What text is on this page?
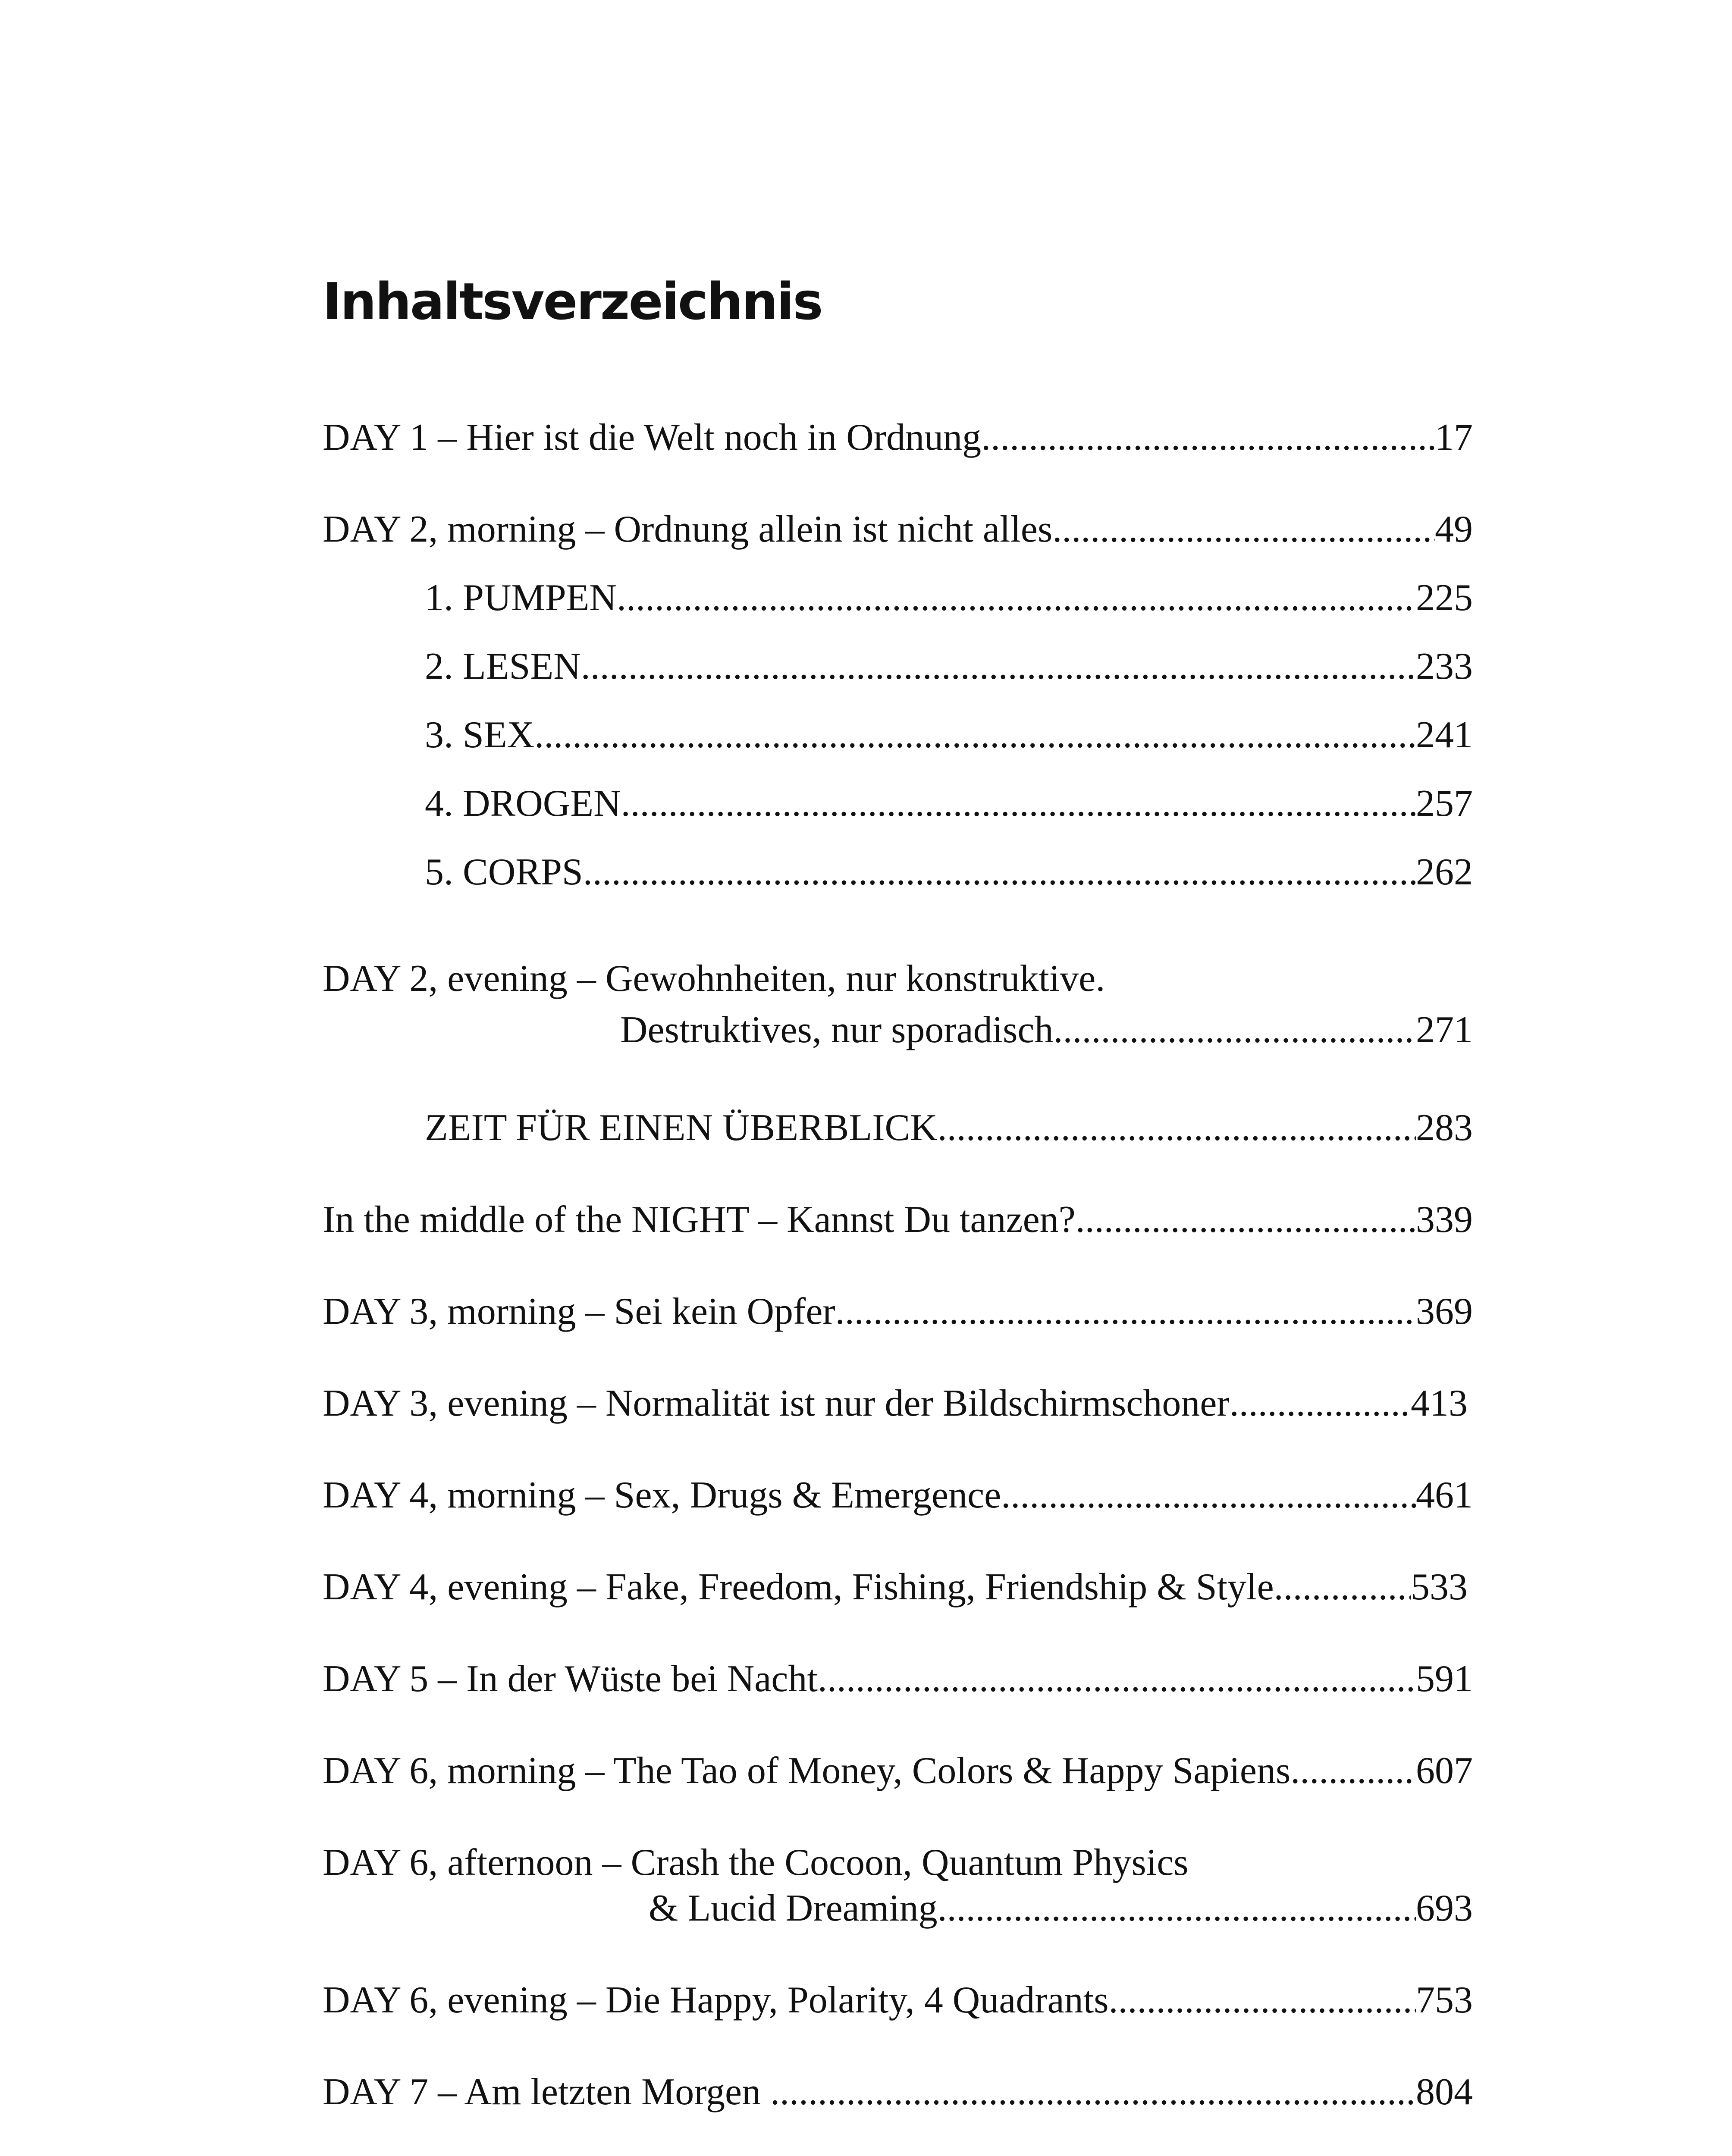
Inhaltsverzeichnis
DAY 1 – Hier ist die Welt noch in Ordnung .....	17
DAY 2, morning – Ordnung allein ist nicht alles .....	49
1. PUMPEN .....	225
2. LESEN .....	233
3. SEX .....	241
4. DROGEN .....	257
5. CORPS .....	262
DAY 2, evening – Gewohnheiten, nur konstruktive.
Destruktives, nur sporadisch .....	271
ZEIT FÜR EINEN ÜBERBLICK .....	283
In the middle of the NIGHT – Kannst Du tanzen? .....	339
DAY 3, morning – Sei kein Opfer .....	369
DAY 3, evening – Normalität ist nur der Bildschirmschoner .....	413
DAY 4, morning – Sex, Drugs & Emergence .....	461
DAY 4, evening – Fake, Freedom, Fishing, Friendship & Style .....	533
DAY 5 – In der Wüste bei Nacht .....	591
DAY 6, morning – The Tao of Money, Colors & Happy Sapiens .....	607
DAY 6, afternoon – Crash the Cocoon, Quantum Physics
& Lucid Dreaming .....	693
DAY 6, evening – Die Happy, Polarity, 4 Quadrants .....	753
DAY 7 – Am letzten Morgen .....	804
